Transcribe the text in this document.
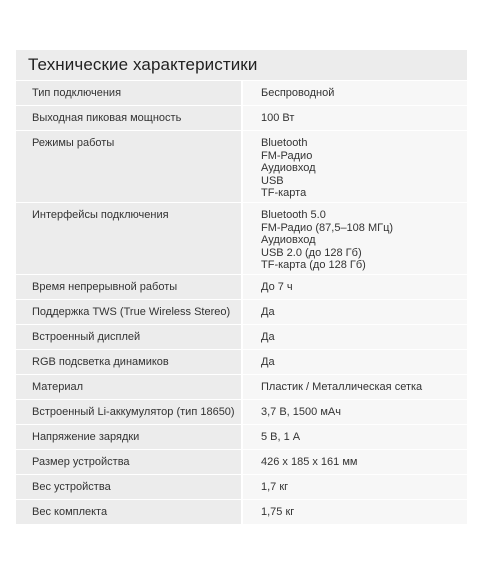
Технические характеристики
Тип подключения	Беспроводной
Выходная пиковая мощность	100 Вт
Режимы работы	Bluetooth
FM-Радио
Аудиовход
USB
TF-карта
Интерфейсы подключения	Bluetooth 5.0
FM-Радио (87,5–108 МГц)
Аудиовход
USB 2.0 (до 128 Гб)
TF-карта (до 128 Гб)
Время непрерывной работы	До 7 ч
Поддержка TWS (True Wireless Stereo)	Да
Встроенный дисплей	Да
RGB подсветка динамиков	Да
Материал	Пластик / Металлическая сетка
Встроенный Li-аккумулятор (тип 18650)	3,7 В, 1500 мАч
Напряжение зарядки	5 В, 1 А
Размер устройства	426 x 185 x 161 мм
Вес устройства	1,7 кг
Вес комплекта	1,75 кг
